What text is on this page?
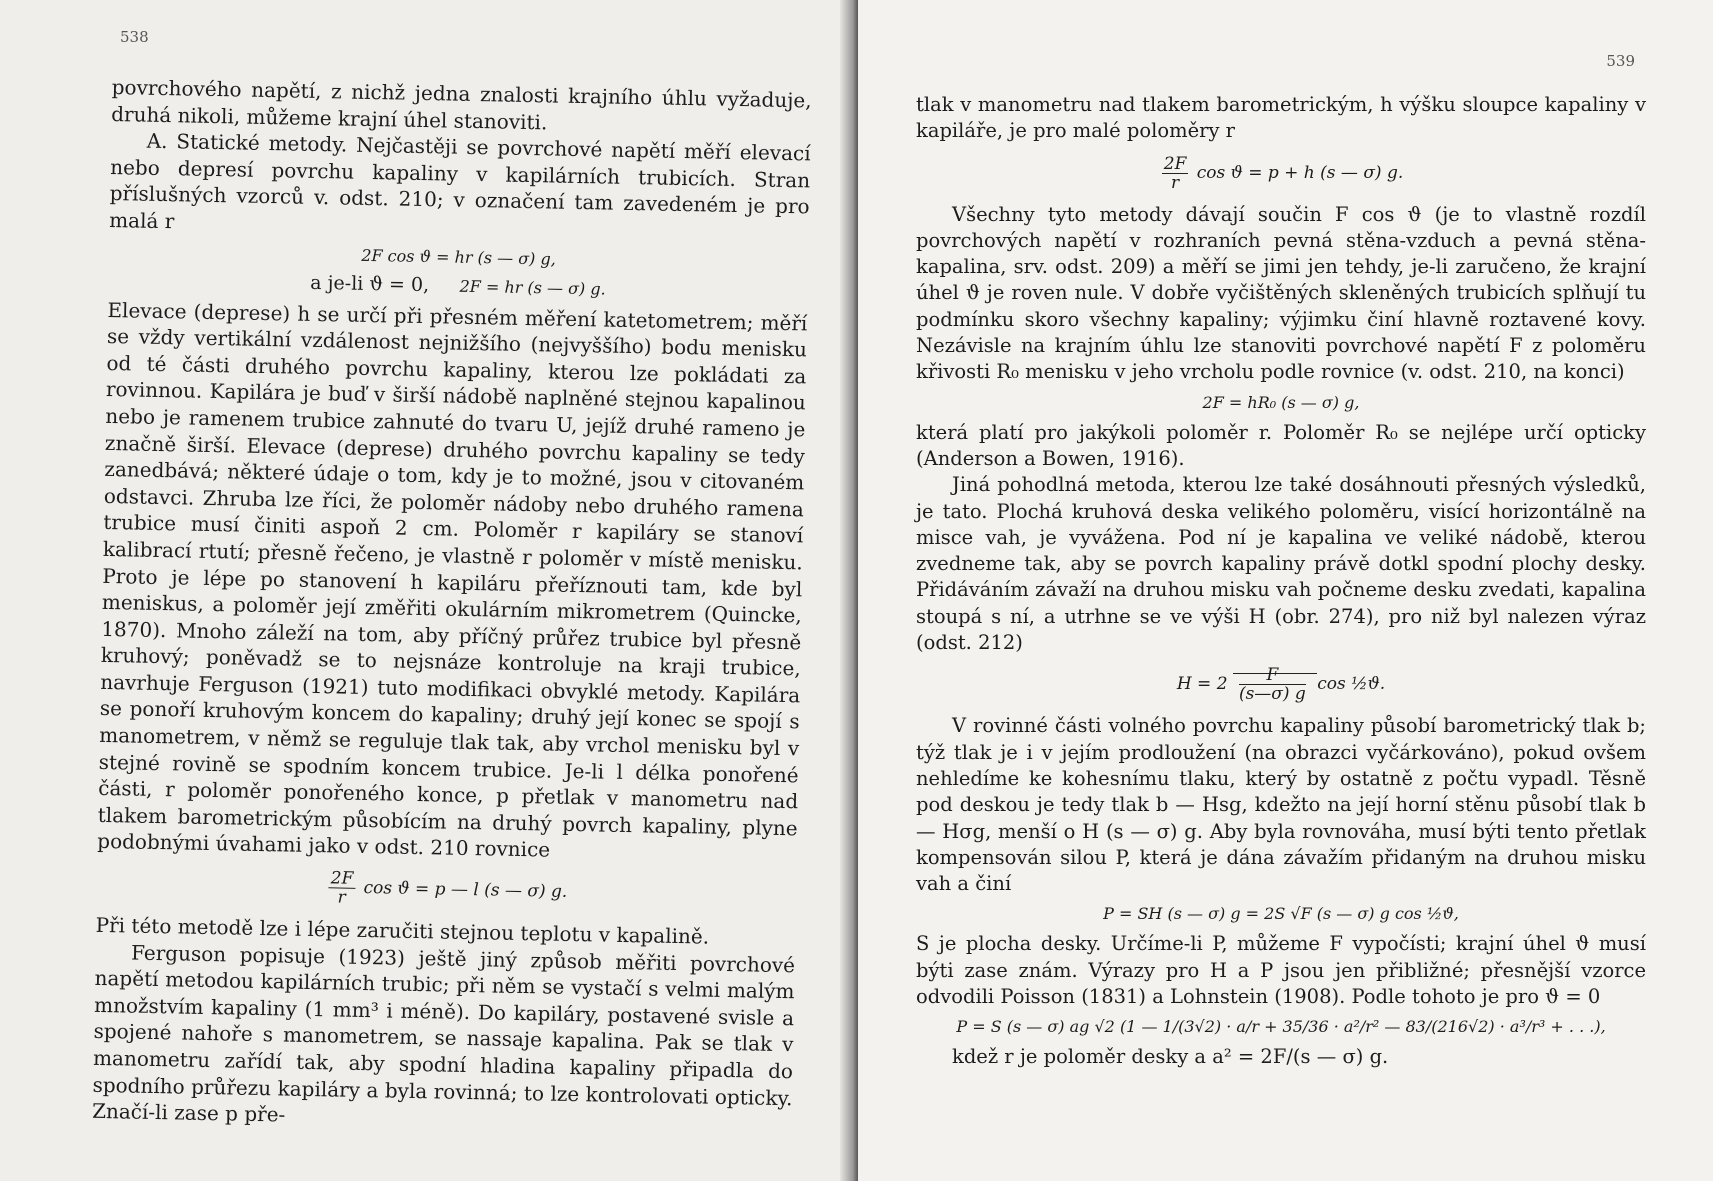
538

povrchového napětí, z nichž jedna znalosti krajního úhlu vyžaduje, druhá nikoli, můžeme krajní úhel stanoviti.

A. Statické metody. Nejčastěji se povrchové napětí měří elevací nebo depresí povrchu kapaliny v kapilárních trubicích. Stran příslušných vzorců v. odst. 210; v označení tam zavedeném je pro malá r

2F cos ϑ = hr (s — σ) g,
a je-li ϑ = 0, 2F = hr (s — σ) g.

Elevace (deprese) h se určí při přesném měření katetometrem; měří se vždy vertikální vzdálenost nejnižšího (nejvyššího) bodu menisku od té části druhého povrchu kapaliny, kterou lze pokládati za rovinnou. Kapilára je buď v širší nádobě naplněné stejnou kapalinou nebo je ramenem trubice zahnuté do tvaru U, jejíž druhé rameno je značně širší. Elevace (deprese) druhého povrchu kapaliny se tedy zanedbává; některé údaje o tom, kdy je to možné, jsou v citovaném odstavci. Zhruba lze říci, že poloměr nádoby nebo druhého ramena trubice musí činiti aspoň 2 cm. Poloměr r kapiláry se stanoví kalibrací rtutí; přesně řečeno, je vlastně r poloměr v místě menisku. Proto je lépe po stanovení h kapiláru přeříznouti tam, kde byl meniskus, a poloměr její změřiti okulárním mikrometrem (Quincke, 1870). Mnoho záleží na tom, aby příčný průřez trubice byl přesně kruhový; poněvadž se to nejsnáze kontroluje na kraji trubice, navrhuje Ferguson (1921) tuto modifikaci obvyklé metody. Kapilára se ponoří kruhovým koncem do kapaliny; druhý její konec se spojí s manometrem, v němž se reguluje tlak tak, aby vrchol menisku byl v stejné rovině se spodním koncem trubice. Je-li l délka ponořené části, r poloměr ponořeného konce, p přetlak v manometru nad tlakem barometrickým působícím na druhý povrch kapaliny, plyne podobnými úvahami jako v odst. 210 rovnice

$\frac{2F}{r}$ cos ϑ = p — l (s — σ) g.

Při této metodě lze i lépe zaručiti stejnou teplotu v kapalině.

Ferguson popisuje (1923) ještě jiný způsob měřiti povrchové napětí metodou kapilárních trubic; při něm se vystačí s velmi malým množstvím kapaliny (1 mm³ i méně). Do kapiláry, postavené svisle a spojené nahoře s manometrem, se nassaje kapalina. Pak se tlak v manometru zařídí tak, aby spodní hladina kapaliny připadla do spodního průřezu kapiláry a byla rovinná; to lze kontrolovati opticky. Značí-li zase p pře-

539

tlak v manometru nad tlakem barometrickým, h výšku sloupce kapaliny v kapiláře, je pro malé poloměry r

$\frac{2F}{r}$ cos ϑ = p + h (s — σ) g.

Všechny tyto metody dávají součin F cos ϑ (je to vlastně rozdíl povrchových napětí v rozhraních pevná stěna-vzduch a pevná stěna-kapalina, srv. odst. 209) a měří se jimi jen tehdy, je-li zaručeno, že krajní úhel ϑ je roven nule. V dobře vyčištěných skleněných trubicích splňují tu podmínku skoro všechny kapaliny; výjimku činí hlavně roztavené kovy. Nezávisle na krajním úhlu lze stanoviti povrchové napětí F z poloměru křivosti R₀ menisku v jeho vrcholu podle rovnice (v. odst. 210, na konci)

2F = hR₀ (s — σ) g,

která platí pro jakýkoli poloměr r. Poloměr R₀ se nejlépe určí opticky (Anderson a Bowen, 1916).

Jiná pohodlná metoda, kterou lze také dosáhnouti přesných výsledků, je tato. Plochá kruhová deska velikého poloměru, visící horizontálně na misce vah, je vyvážena. Pod ní je kapalina ve veliké nádobě, kterou zvedneme tak, aby se povrch kapaliny právě dotkl spodní plochy desky. Přidáváním závaží na druhou misku vah počneme desku zvedati, kapalina stoupá s ní, a utrhne se ve výši H (obr. 274), pro niž byl nalezen výraz (odst. 212)

$H = 2 \frac{F}{(s—\sigma) g}$ cos ½ϑ.

V rovinné části volného povrchu kapaliny působí barometrický tlak b; týž tlak je i v jejím prodloužení (na obrazci vyčárkováno), pokud ovšem nehledíme ke kohesnímu tlaku, který by ostatně z počtu vypadl. Těsně pod deskou je tedy tlak b — Hsg, kdežto na její horní stěnu působí tlak b — Hσg, menší o H (s — σ) g. Aby byla rovnováha, musí býti tento přetlak kompensován silou P, která je dána závažím přidaným na druhou misku vah a činí

P = SH (s — σ) g = 2S √F (s — σ) g cos ½ϑ,

S je plocha desky. Určíme-li P, můžeme F vypočísti; krajní úhel ϑ musí býti zase znám. Výrazy pro H a P jsou jen přibližné; přesnější vzorce odvodili Poisson (1831) a Lohnstein (1908). Podle tohoto je pro ϑ = 0

P = S (s — σ) ag √2 (1 — 1/(3√2) · a/r + 35/36 · a²/r² — 83/(216√2) · a³/r³ + . . .),

kdež r je poloměr desky a a² = 2F/(s — σ) g.
